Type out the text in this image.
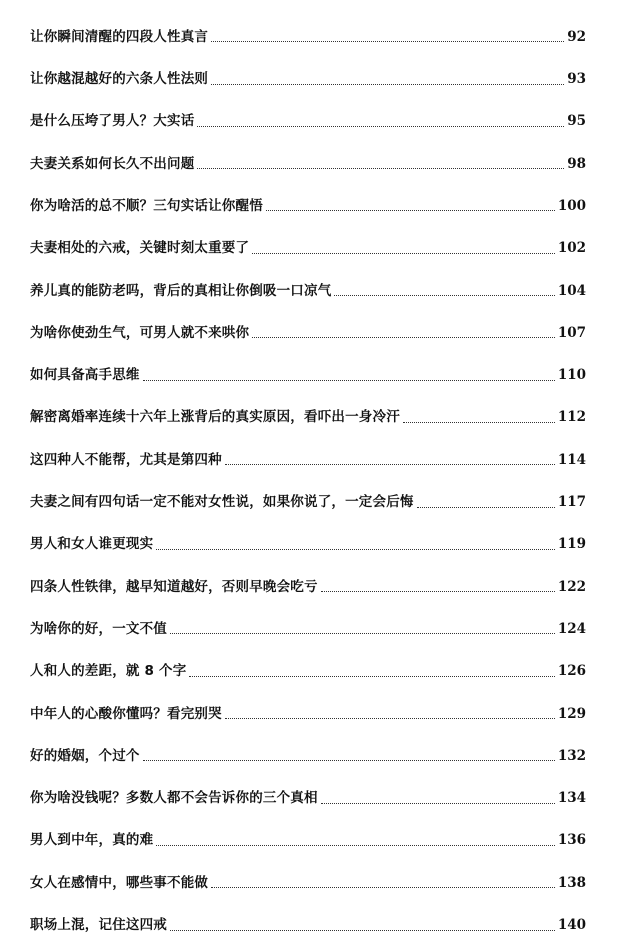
让你瞬间清醒的四段人性真言	92
让你越混越好的六条人性法则	93
是什么压垮了男人？大实话	95
夫妻关系如何长久不出问题	98
你为啥活的总不顺？三句实话让你醒悟	100
夫妻相处的六戒，关键时刻太重要了	102
养儿真的能防老吗，背后的真相让你倒吸一口凉气	104
为啥你使劲生气，可男人就不来哄你	107
如何具备高手思维	110
解密离婚率连续十六年上涨背后的真实原因，看吓出一身冷汗	112
这四种人不能帮，尤其是第四种	114
夫妻之间有四句话一定不能对女性说，如果你说了，一定会后悔	117
男人和女人谁更现实	119
四条人性铁律，越早知道越好，否则早晚会吃亏	122
为啥你的好，一文不值	124
人和人的差距，就 8 个字	126
中年人的心酸你懂吗？看完别哭	129
好的婚姻，个过个	132
你为啥没钱呢？多数人都不会告诉你的三个真相	134
男人到中年，真的难	136
女人在感情中，哪些事不能做	138
职场上混，记住这四戒	140
